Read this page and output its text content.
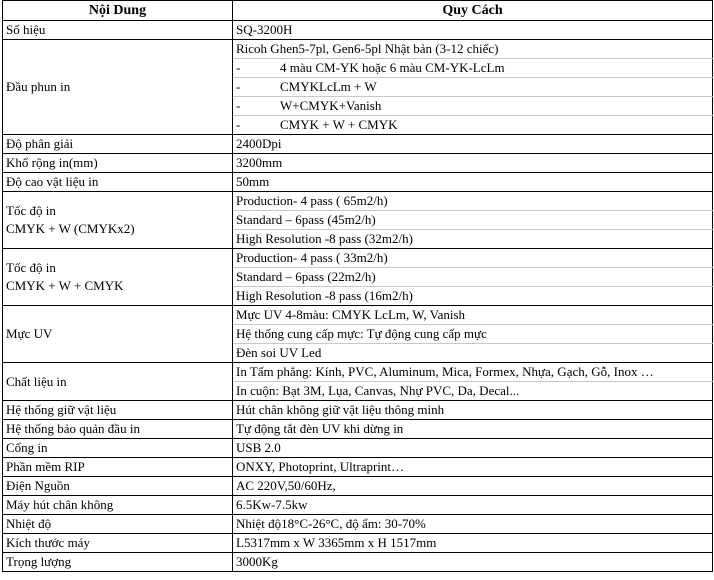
Nội Dung	Quy Cách
Số hiệu	SQ-3200H
Đầu phun in	Ricoh Ghen5-7pl, Gen6-5pl Nhật bản (3-12 chiếc)
	- 4 màu CM-YK hoặc 6 màu CM-YK-LcLm
	- CMYKLcLm + W
	- W+CMYK+Vanish
	- CMYK + W + CMYK
Độ phân giải	2400Dpi
Khổ rộng in(mm)	3200mm
Độ cao vật liệu in	50mm

Tốc độ in
CMYK + W (CMYKx2)	Production- 4 pass ( 65m2/h)
	Standard – 6pass (45m2/h)
	High Resolution -8 pass (32m2/h)

Tốc độ in
CMYK + W + CMYK	Production- 4 pass ( 33m2/h)
	Standard – 6pass (22m2/h)
	High Resolution -8 pass (16m2/h)
Mực UV	Mực UV 4-8màu: CMYK LcLm, W, Vanish
	Hệ thống cung cấp mực: Tự động cung cấp mực
	Đèn soi UV Led
Chất liệu in	In Tấm phẳng: Kính, PVC, Aluminum, Mica, Formex, Nhựa, Gạch, Gỗ, Inox …
	In cuộn: Bạt 3M, Lụa, Canvas, Nhự PVC, Da, Decal...
Hệ thống giữ vật liệu	Hút chân không giữ vật liệu thông minh
Hệ thống bảo quản đầu in	Tự động tắt đèn UV khi dừng in
Cổng in	USB 2.0
Phần mềm RIP	ONXY, Photoprint, Ultraprint…
Điện Nguồn	AC 220V,50/60Hz,
Máy hút chân không	6.5Kw-7.5kw
Nhiệt độ	Nhiệt độ18°C-26°C, độ ẩm: 30-70%
Kích thước máy	L5317mm x W 3365mm x H 1517mm
Trọng lượng	3000Kg
